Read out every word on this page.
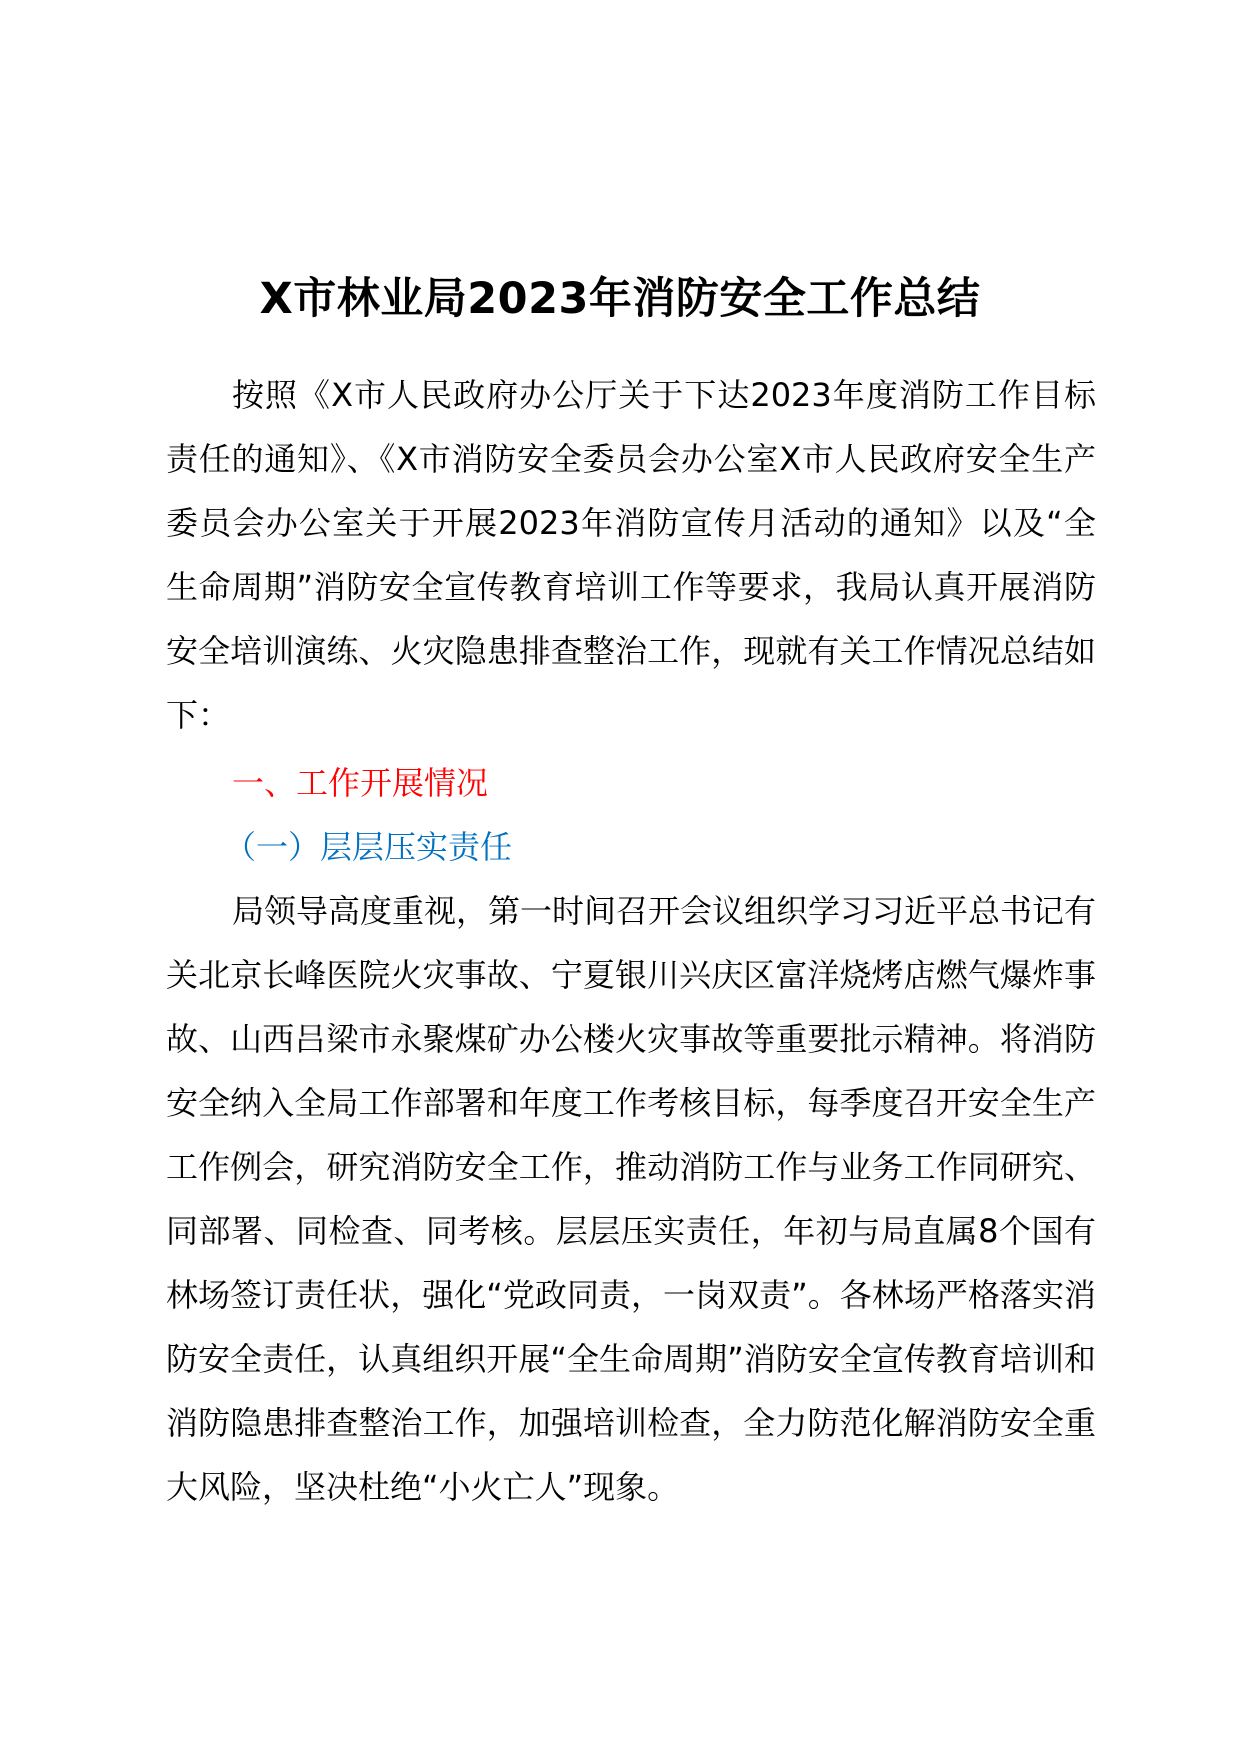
X市林业局2023年消防安全工作总结

按照《X市人民政府办公厅关于下达2023年度消防工作目标责任的通知》、《X市消防安全委员会办公室X市人民政府安全生产委员会办公室关于开展2023年消防宣传月活动的通知》以及“全生命周期”消防安全宣传教育培训工作等要求，我局认真开展消防安全培训演练、火灾隐患排查整治工作，现就有关工作情况总结如下：

一、工作开展情况

（一）层层压实责任

局领导高度重视，第一时间召开会议组织学习习近平总书记有关北京长峰医院火灾事故、宁夏银川兴庆区富洋烧烤店燃气爆炸事故、山西吕梁市永聚煤矿办公楼火灾事故等重要批示精神。将消防安全纳入全局工作部署和年度工作考核目标，每季度召开安全生产工作例会，研究消防安全工作，推动消防工作与业务工作同研究、同部署、同检查、同考核。层层压实责任，年初与局直属8个国有林场签订责任状，强化“党政同责，一岗双责”。各林场严格落实消防安全责任，认真组织开展“全生命周期”消防安全宣传教育培训和消防隐患排查整治工作，加强培训检查，全力防范化解消防安全重大风险，坚决杜绝“小火亡人”现象。
